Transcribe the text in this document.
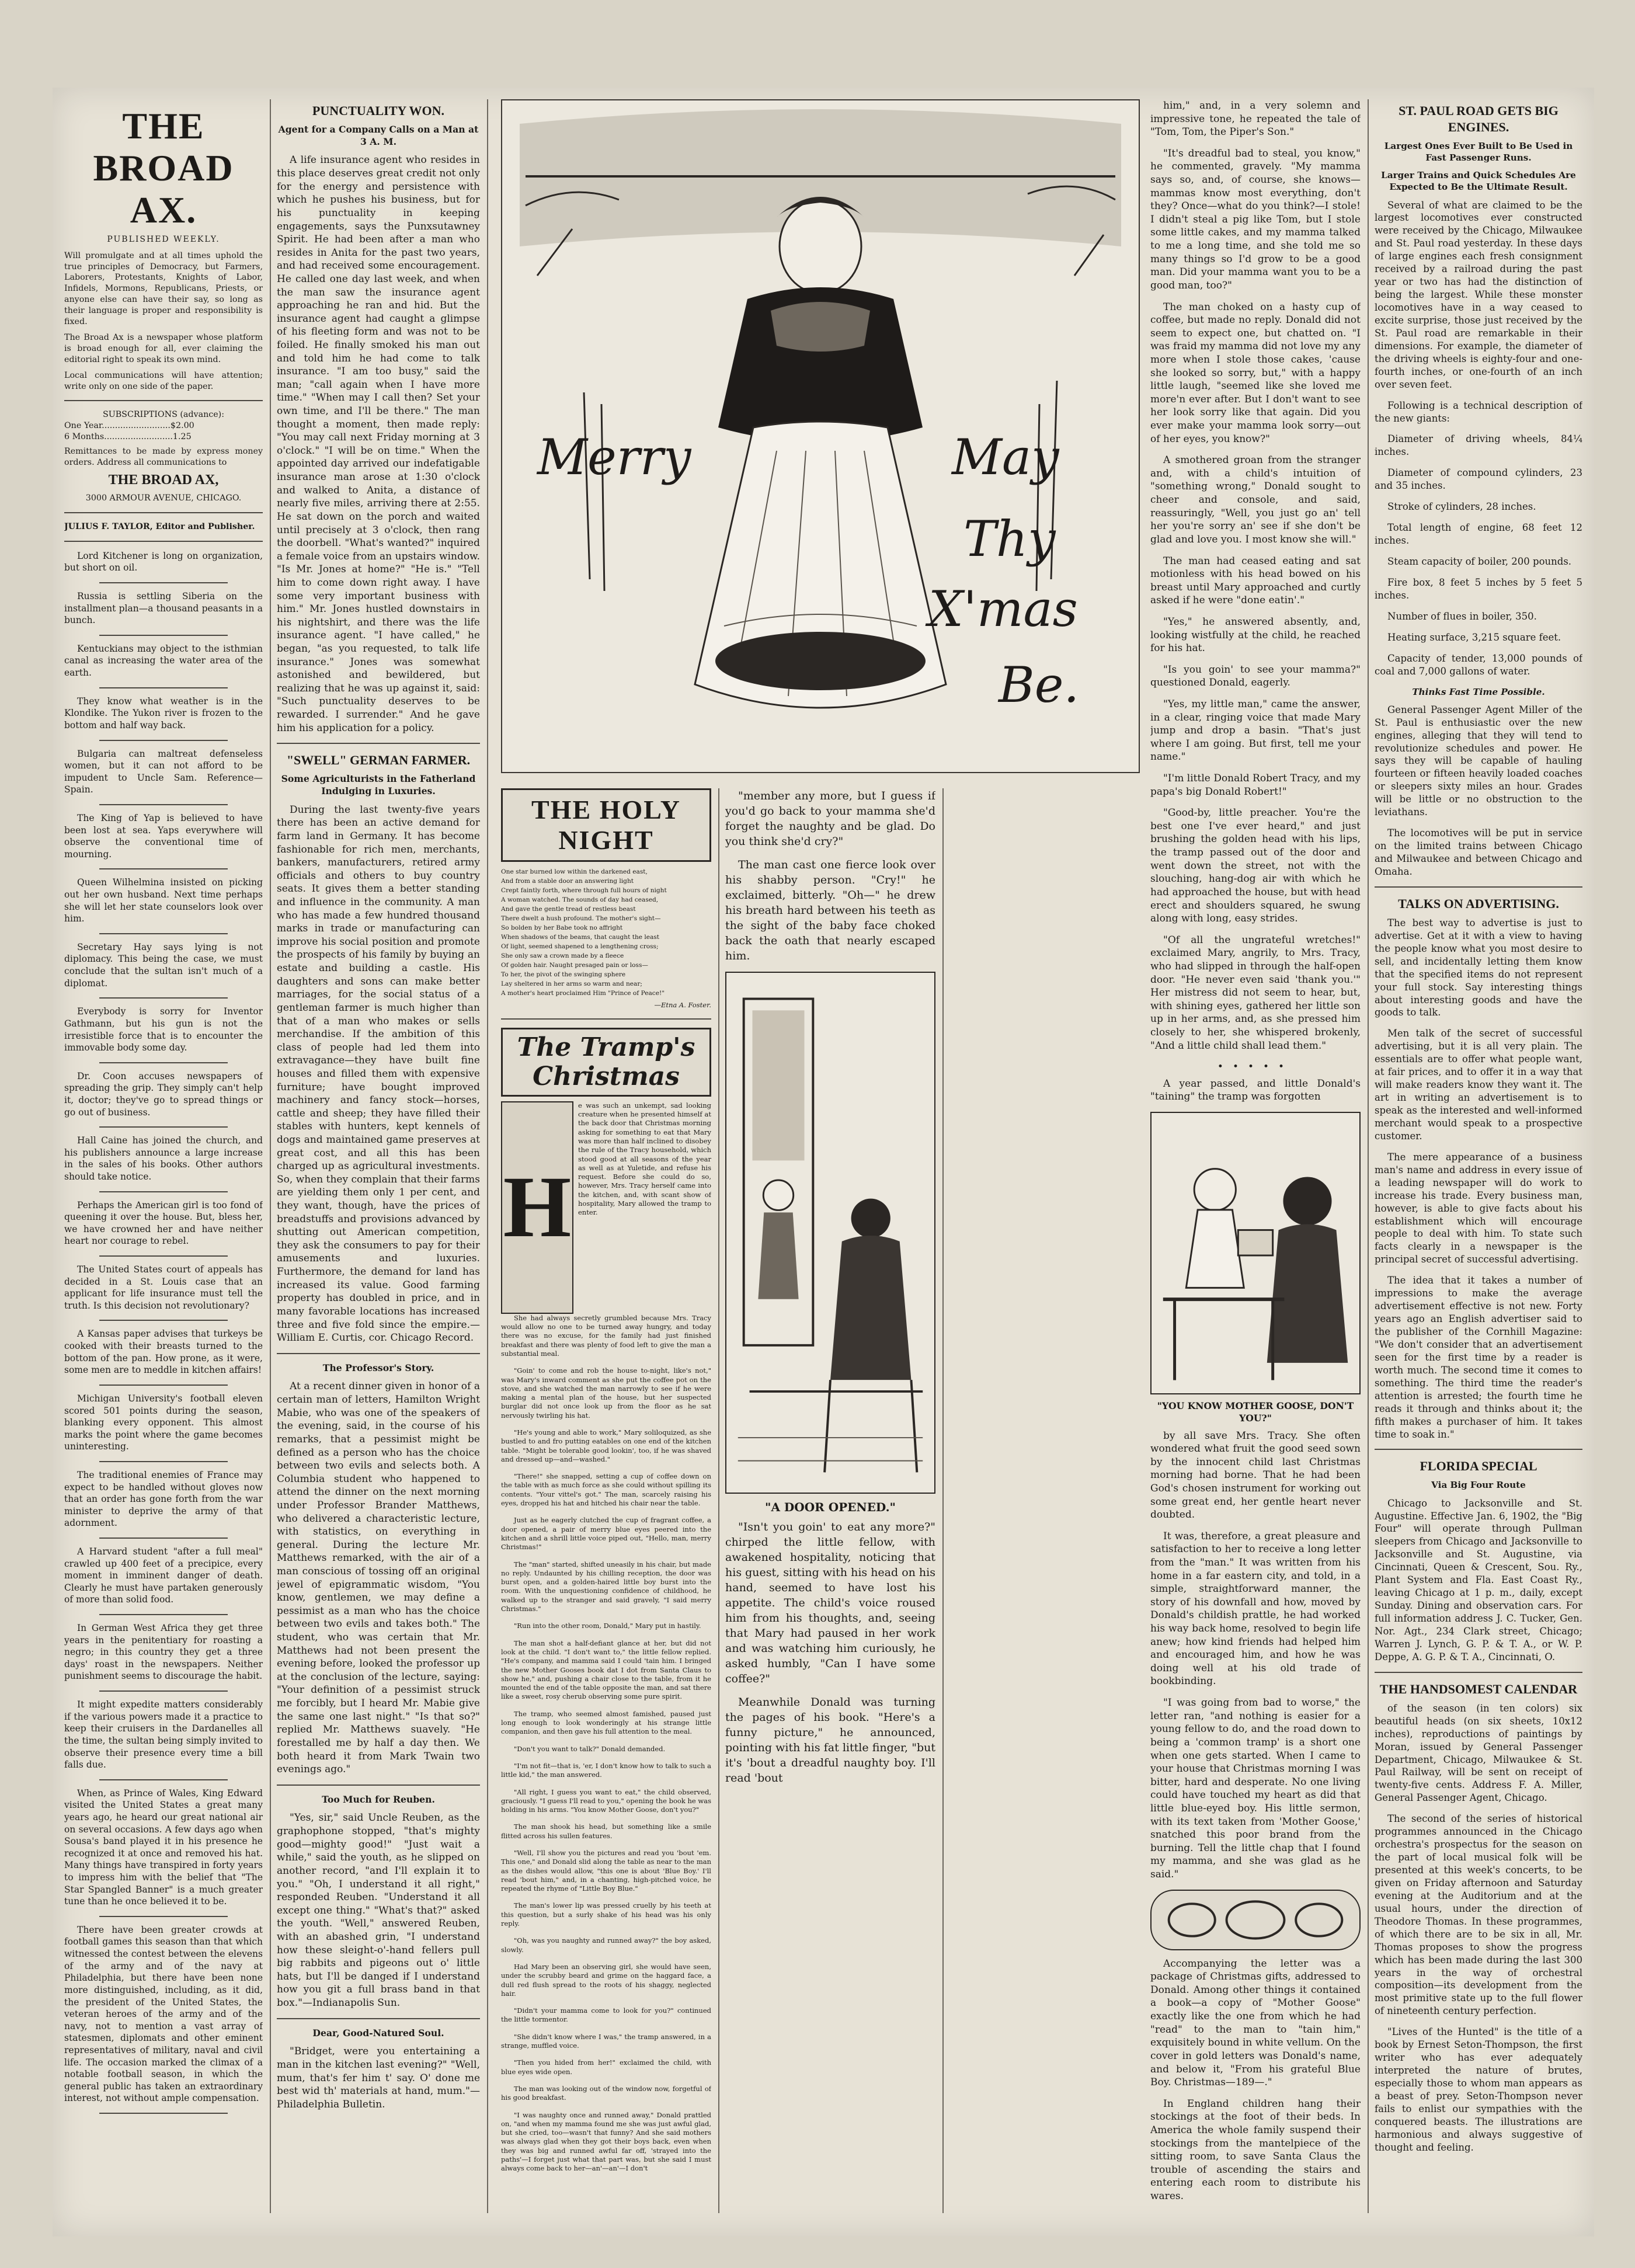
THE BROAD AX.
PUBLISHED WEEKLY.
Will promulgate and at all times uphold the true principles of Democracy, but Farmers, Laborers, Protestants, Knights of Labor, Infidels, Mormons, Republicans, Priests, or anyone else can have their say, so long as their language is proper and responsibility is fixed.
The Broad Ax is a newspaper whose platform is broad enough for all, ever claiming the editorial right to speak its own mind.
Local communications will have attention; write only on one side of the paper.
SUBSCRIPTIONS (advance):
One Year..........................$2.00
6 Months..........................1.25
Remittances to be made by express money orders. Address all communications to
THE BROAD AX,
3000 ARMOUR AVENUE, CHICAGO.
JULIUS F. TAYLOR, Editor and Publisher.

Lord Kitchener is long on organization, but short on oil.

Russia is settling Siberia on the installment plan—a thousand peasants in a bunch.

Kentuckians may object to the isthmian canal as increasing the water area of the earth.

They know what weather is in the Klondike. The Yukon river is frozen to the bottom and half way back.

Bulgaria can maltreat defenseless women, but it can not afford to be impudent to Uncle Sam. Reference—Spain.

The King of Yap is believed to have been lost at sea. Yaps everywhere will observe the conventional time of mourning.

Queen Wilhelmina insisted on picking out her own husband. Next time perhaps she will let her state counselors look over him.

Secretary Hay says lying is not diplomacy. This being the case, we must conclude that the sultan isn't much of a diplomat.

Everybody is sorry for Inventor Gathmann, but his gun is not the irresistible force that is to encounter the immovable body some day.

Dr. Coon accuses newspapers of spreading the grip. They simply can't help it, doctor; they've go to spread things or go out of business.

Hall Caine has joined the church, and his publishers announce a large increase in the sales of his books. Other authors should take notice.

Perhaps the American girl is too fond of queening it over the house. But, bless her, we have crowned her and have neither heart nor courage to rebel.

The United States court of appeals has decided in a St. Louis case that an applicant for life insurance must tell the truth. Is this decision not revolutionary?

A Kansas paper advises that turkeys be cooked with their breasts turned to the bottom of the pan. How prone, as it were, some men are to meddle in kitchen affairs!

Michigan University's football eleven scored 501 points during the season, blanking every opponent. This almost marks the point where the game becomes uninteresting.

The traditional enemies of France may expect to be handled without gloves now that an order has gone forth from the war minister to deprive the army of that adornment.

A Harvard student "after a full meal" crawled up 400 feet of a precipice, every moment in imminent danger of death. Clearly he must have partaken generously of more than solid food.

In German West Africa they get three years in the penitentiary for roasting a negro; in this country they get a three days' roast in the newspapers. Neither punishment seems to discourage the habit.

It might expedite matters considerably if the various powers made it a practice to keep their cruisers in the Dardanelles all the time, the sultan being simply invited to observe their presence every time a bill falls due.

When, as Prince of Wales, King Edward visited the United States a great many years ago, he heard our great national air on several occasions. A few days ago when Sousa's band played it in his presence he recognized it at once and removed his hat. Many things have transpired in forty years to impress him with the belief that "The Star Spangled Banner" is a much greater tune than he once believed it to be.

There have been greater crowds at football games this season than that which witnessed the contest between the elevens of the army and of the navy at Philadelphia, but there have been none more distinguished, including, as it did, the president of the United States, the veteran heroes of the army and of the navy, not to mention a vast array of statesmen, diplomats and other eminent representatives of military, naval and civil life. The occasion marked the climax of a notable football season, in which the general public has taken an extraordinary interest, not without ample compensation.

PUNCTUALITY WON.
Agent for a Company Calls on a Man at 3 A. M.

A life insurance agent who resides in this place deserves great credit not only for the energy and persistence with which he pushes his business, but for his punctuality in keeping engagements, says the Punxsutawney Spirit. He had been after a man who resides in Anita for the past two years, and had received some encouragement. He called one day last week, and when the man saw the insurance agent approaching he ran and hid. But the insurance agent had caught a glimpse of his fleeting form and was not to be foiled. He finally smoked his man out and told him he had come to talk insurance. "I am too busy," said the man; "call again when I have more time." "When may I call then? Set your own time, and I'll be there." The man thought a moment, then made reply: "You may call next Friday morning at 3 o'clock." "I will be on time." When the appointed day arrived our indefatigable insurance man arose at 1:30 o'clock and walked to Anita, a distance of nearly five miles, arriving there at 2:55. He sat down on the porch and waited until precisely at 3 o'clock, then rang the doorbell. "What's wanted?" inquired a female voice from an upstairs window. "Is Mr. Jones at home?" "He is." "Tell him to come down right away. I have some very important business with him." Mr. Jones hustled downstairs in his nightshirt, and there was the life insurance agent. "I have called," he began, "as you requested, to talk life insurance." Jones was somewhat astonished and bewildered, but realizing that he was up against it, said: "Such punctuality deserves to be rewarded. I surrender." And he gave him his application for a policy.

"SWELL" GERMAN FARMER.
Some Agriculturists in the Fatherland Indulging in Luxuries.

During the last twenty-five years there has been an active demand for farm land in Germany. It has become fashionable for rich men, merchants, bankers, manufacturers, retired army officials and others to buy country seats. It gives them a better standing and influence in the community. A man who has made a few hundred thousand marks in trade or manufacturing can improve his social position and promote the prospects of his family by buying an estate and building a castle. His daughters and sons can make better marriages, for the social status of a gentleman farmer is much higher than that of a man who makes or sells merchandise. If the ambition of this class of people had led them into extravagance—they have built fine houses and filled them with expensive furniture; have bought improved machinery and fancy stock—horses, cattle and sheep; they have filled their stables with hunters, kept kennels of dogs and maintained game preserves at great cost, and all this has been charged up as agricultural investments. So, when they complain that their farms are yielding them only 1 per cent, and they want, though, have the prices of breadstuffs and provisions advanced by shutting out American competition, they ask the consumers to pay for their amusements and luxuries. Furthermore, the demand for land has increased its value. Good farming property has doubled in price, and in many favorable locations has increased three and five fold since the empire.—William E. Curtis, cor. Chicago Record.

The Professor's Story.

At a recent dinner given in honor of a certain man of letters, Hamilton Wright Mabie, who was one of the speakers of the evening, said, in the course of his remarks, that a pessimist might be defined as a person who has the choice between two evils and selects both. A Columbia student who happened to attend the dinner on the next morning under Professor Brander Matthews, who delivered a characteristic lecture, with statistics, on everything in general. During the lecture Mr. Matthews remarked, with the air of a man conscious of tossing off an original jewel of epigrammatic wisdom, "You know, gentlemen, we may define a pessimist as a man who has the choice between two evils and takes both." The student, who was certain that Mr. Matthews had not been present the evening before, looked the professor up at the conclusion of the lecture, saying: "Your definition of a pessimist struck me forcibly, but I heard Mr. Mabie give the same one last night." "Is that so?" replied Mr. Matthews suavely. "He forestalled me by half a day then. We both heard it from Mark Twain two evenings ago."

Too Much for Reuben.

"Yes, sir," said Uncle Reuben, as the graphophone stopped, "that's mighty good—mighty good!" "Just wait a while," said the youth, as he slipped on another record, "and I'll explain it to you." "Oh, I understand it all right," responded Reuben. "Understand it all except one thing." "What's that?" asked the youth. "Well," answered Reuben, with an abashed grin, "I understand how these sleight-o'-hand fellers pull big rabbits and pigeons out o' little hats, but I'll be danged if I understand how you git a full brass band in that box."—Indianapolis Sun.

Dear, Good-Natured Soul.

"Bridget, were you entertaining a man in the kitchen last evening?" "Well, mum, that's fer him t' say. O' done me best wid th' materials at hand, mum."—Philadelphia Bulletin.

Merry	May
Thy
X'mas
Be.
THE HOLY NIGHT
One star burned low within the darkened east,
And from a stable door an answering light
Crept faintly forth, where through full hours of night
A woman watched. The sounds of day had ceased,
And gave the gentle tread of restless beast
There dwelt a hush profound. The mother's sight—
So bolden by her Babe took no affright
When shadows of the beams, that caught the least
Of light, seemed shapened to a lengthening cross;
She only saw a crown made by a fleece
Of golden hair. Naught presaged pain or loss—
To her, the pivot of the swinging sphere
Lay sheltered in her arms so warm and near;
A mother's heart proclaimed Him "Prince of Peace!"
—Etna A. Foster.
The Tramp's Christmas
H

e was such an unkempt, sad looking creature when he presented himself at the back door that Christmas morning asking for something to eat that Mary was more than half inclined to disobey the rule of the Tracy household, which stood good at all seasons of the year as well as at Yuletide, and refuse his request. Before she could do so, however, Mrs. Tracy herself came into the kitchen, and, with scant show of hospitality, Mary allowed the tramp to enter.

She had always secretly grumbled because Mrs. Tracy would allow no one to be turned away hungry, and today there was no excuse, for the family had just finished breakfast and there was plenty of food left to give the man a substantial meal.

"Goin' to come and rob the house to-night, like's not," was Mary's inward comment as she put the coffee pot on the stove, and she watched the man narrowly to see if he were making a mental plan of the house, but her suspected burglar did not once look up from the floor as he sat nervously twirling his hat.

"He's young and able to work," Mary soliloquized, as she bustled to and fro putting eatables on one end of the kitchen table. "Might be tolerable good lookin', too, if he was shaved and dressed up—and—washed."

"There!" she snapped, setting a cup of coffee down on the table with as much force as she could without spilling its contents. "Your vittel's got." The man, scarcely raising his eyes, dropped his hat and hitched his chair near the table.

Just as he eagerly clutched the cup of fragrant coffee, a door opened, a pair of merry blue eyes peered into the kitchen and a shrill little voice piped out, "Hello, man, merry Christmas!"

The "man" started, shifted uneasily in his chair, but made no reply. Undaunted by his chilling reception, the door was burst open, and a golden-haired little boy burst into the room. With the unquestioning confidence of childhood, he walked up to the stranger and said gravely, "I said merry Christmas."

"Run into the other room, Donald," Mary put in hastily.

The man shot a half-defiant glance at her, but did not look at the child. "I don't want to," the little fellow replied. "He's company, and mamma said I could 'tain him. I bringed the new Mother Gooses book dat I dot from Santa Claus to show he," and, pushing a chair close to the table, from it he mounted the end of the table opposite the man, and sat there like a sweet, rosy cherub observing some pure spirit.

The tramp, who seemed almost famished, paused just long enough to look wonderingly at his strange little companion, and then gave his full attention to the meal.

"Don't you want to talk?" Donald demanded.

"I'm not fit—that is, 'er, I don't know how to talk to such a little kid," the man answered.

"All right, I guess you want to eat," the child observed, graciously. "I guess I'll read to you," opening the book he was holding in his arms. "You know Mother Goose, don't you?"

The man shook his head, but something like a smile flitted across his sullen features.

"Well, I'll show you the pictures and read you 'bout 'em. This one," and Donald slid along the table as near to the man as the dishes would allow, "this one is about 'Blue Boy.' I'll read 'bout him," and, in a chanting, high-pitched voice, he repeated the rhyme of "Little Boy Blue."

The man's lower lip was pressed cruelly by his teeth at this question, but a surly shake of his head was his only reply.

"Oh, was you naughty and runned away?" the boy asked, slowly.

Had Mary been an observing girl, she would have seen, under the scrubby beard and grime on the haggard face, a dull red flush spread to the roots of his shaggy, neglected hair.

"Didn't your mamma come to look for you?" continued the little tormentor.

"She didn't know where I was," the tramp answered, in a strange, muffled voice.

"Then you hided from her!" exclaimed the child, with blue eyes wide open.

The man was looking out of the window now, forgetful of his good breakfast.

"I was naughty once and runned away," Donald prattled on, "and when my mamma found me she was just awful glad, but she cried, too—wasn't that funny? And she said mothers was always glad when they got their boys back, even when they was big and runned awful far off, 'strayed into the paths'—I forget just what that part was, but she said I must always come back to her—an'—an'—I don't

"member any more, but I guess if you'd go back to your mamma she'd forget the naughty and be glad. Do you think she'd cry?"

The man cast one fierce look over his shabby person. "Cry!" he exclaimed, bitterly. "Oh—" he drew his breath hard between his teeth as the sight of the baby face choked back the oath that nearly escaped him.

"A DOOR OPENED."

"Isn't you goin' to eat any more?" chirped the little fellow, with awakened hospitality, noticing that his guest, sitting with his head on his hand, seemed to have lost his appetite. The child's voice roused him from his thoughts, and, seeing that Mary had paused in her work and was watching him curiously, he asked humbly, "Can I have some coffee?"

Meanwhile Donald was turning the pages of his book. "Here's a funny picture," he announced, pointing with his fat little finger, "but it's 'bout a dreadful naughty boy. I'll read 'bout

him," and, in a very solemn and impressive tone, he repeated the tale of "Tom, Tom, the Piper's Son."

"It's dreadful bad to steal, you know," he commented, gravely. "My mamma says so, and, of course, she knows—mammas know most everything, don't they? Once—what do you think?—I stole! I didn't steal a pig like Tom, but I stole some little cakes, and my mamma talked to me a long time, and she told me so many things so I'd grow to be a good man. Did your mamma want you to be a good man, too?"

The man choked on a hasty cup of coffee, but made no reply. Donald did not seem to expect one, but chatted on. "I was fraid my mamma did not love my any more when I stole those cakes, 'cause she looked so sorry, but," with a happy little laugh, "seemed like she loved me more'n ever after. But I don't want to see her look sorry like that again. Did you ever make your mamma look sorry—out of her eyes, you know?"

A smothered groan from the stranger and, with a child's intuition of "something wrong," Donald sought to cheer and console, and said, reassuringly, "Well, you just go an' tell her you're sorry an' see if she don't be glad and love you. I most know she will."

The man had ceased eating and sat motionless with his head bowed on his breast until Mary approached and curtly asked if he were "done eatin'."

"Yes," he answered absently, and, looking wistfully at the child, he reached for his hat.

"Is you goin' to see your mamma?" questioned Donald, eagerly.

"Yes, my little man," came the answer, in a clear, ringing voice that made Mary jump and drop a basin. "That's just where I am going. But first, tell me your name."

"I'm little Donald Robert Tracy, and my papa's big Donald Robert!"

"Good-by, little preacher. You're the best one I've ever heard," and just brushing the golden head with his lips, the tramp passed out of the door and went down the street, not with the slouching, hang-dog air with which he had approached the house, but with head erect and shoulders squared, he swung along with long, easy strides.

"Of all the ungrateful wretches!" exclaimed Mary, angrily, to Mrs. Tracy, who had slipped in through the half-open door. "He never even said 'thank you.'" Her mistress did not seem to hear, but, with shining eyes, gathered her little son up in her arms, and, as she pressed him closely to her, she whispered brokenly, "And a little child shall lead them."

•••••

A year passed, and little Donald's "taining" the tramp was forgotten

"YOU KNOW MOTHER GOOSE, DON'T YOU?"

by all save Mrs. Tracy. She often wondered what fruit the good seed sown by the innocent child last Christmas morning had borne. That he had been God's chosen instrument for working out some great end, her gentle heart never doubted.

It was, therefore, a great pleasure and satisfaction to her to receive a long letter from the "man." It was written from his home in a far eastern city, and told, in a simple, straightforward manner, the story of his downfall and how, moved by Donald's childish prattle, he had worked his way back home, resolved to begin life anew; how kind friends had helped him and encouraged him, and how he was doing well at his old trade of bookbinding.

"I was going from bad to worse," the letter ran, "and nothing is easier for a young fellow to do, and the road down to being a 'common tramp' is a short one when one gets started. When I came to your house that Christmas morning I was bitter, hard and desperate. No one living could have touched my heart as did that little blue-eyed boy. His little sermon, with its text taken from 'Mother Goose,' snatched this poor brand from the burning. Tell the little chap that I found my mamma, and she was glad as he said."

Accompanying the letter was a package of Christmas gifts, addressed to Donald. Among other things it contained a book—a copy of "Mother Goose" exactly like the one from which he had "read" to the man to "tain him," exquisitely bound in white vellum. On the cover in gold letters was Donald's name, and below it, "From his grateful Blue Boy. Christmas—189—."

In England children hang their stockings at the foot of their beds. In America the whole family suspend their stockings from the mantelpiece of the sitting room, to save Santa Claus the trouble of ascending the stairs and entering each room to distribute his wares.

ST. PAUL ROAD GETS BIG ENGINES.
Largest Ones Ever Built to Be Used in Fast Passenger Runs.
Larger Trains and Quick Schedules Are Expected to Be the Ultimate Result.

Several of what are claimed to be the largest locomotives ever constructed were received by the Chicago, Milwaukee and St. Paul road yesterday. In these days of large engines each fresh consignment received by a railroad during the past year or two has had the distinction of being the largest. While these monster locomotives have in a way ceased to excite surprise, those just received by the St. Paul road are remarkable in their dimensions. For example, the diameter of the driving wheels is eighty-four and one-fourth inches, or one-fourth of an inch over seven feet.

Following is a technical description of the new giants:

Diameter of driving wheels, 84¼ inches.

Diameter of compound cylinders, 23 and 35 inches.

Stroke of cylinders, 28 inches.

Total length of engine, 68 feet 12 inches.

Steam capacity of boiler, 200 pounds.

Fire box, 8 feet 5 inches by 5 feet 5 inches.

Number of flues in boiler, 350.

Heating surface, 3,215 square feet.

Capacity of tender, 13,000 pounds of coal and 7,000 gallons of water.

Thinks Fast Time Possible.

General Passenger Agent Miller of the St. Paul is enthusiastic over the new engines, alleging that they will tend to revolutionize schedules and power. He says they will be capable of hauling fourteen or fifteen heavily loaded coaches or sleepers sixty miles an hour. Grades will be little or no obstruction to the leviathans.

The locomotives will be put in service on the limited trains between Chicago and Milwaukee and between Chicago and Omaha.

TALKS ON ADVERTISING.

The best way to advertise is just to advertise. Get at it with a view to having the people know what you most desire to sell, and incidentally letting them know that the specified items do not represent your full stock. Say interesting things about interesting goods and have the goods to talk.

Men talk of the secret of successful advertising, but it is all very plain. The essentials are to offer what people want, at fair prices, and to offer it in a way that will make readers know they want it. The art in writing an advertisement is to speak as the interested and well-informed merchant would speak to a prospective customer.

The mere appearance of a business man's name and address in every issue of a leading newspaper will do work to increase his trade. Every business man, however, is able to give facts about his establishment which will encourage people to deal with him. To state such facts clearly in a newspaper is the principal secret of successful advertising.

The idea that it takes a number of impressions to make the average advertisement effective is not new. Forty years ago an English advertiser said to the publisher of the Cornhill Magazine: "We don't consider that an advertisement seen for the first time by a reader is worth much. The second time it comes to something. The third time the reader's attention is arrested; the fourth time he reads it through and thinks about it; the fifth makes a purchaser of him. It takes time to soak in."

FLORIDA SPECIAL
Via Big Four Route

Chicago to Jacksonville and St. Augustine. Effective Jan. 6, 1902, the "Big Four" will operate through Pullman sleepers from Chicago and Jacksonville to Jacksonville and St. Augustine, via Cincinnati, Queen & Crescent, Sou. Ry., Plant System and Fla. East Coast Ry., leaving Chicago at 1 p. m., daily, except Sunday. Dining and observation cars. For full information address J. C. Tucker, Gen. Nor. Agt., 234 Clark street, Chicago; Warren J. Lynch, G. P. & T. A., or W. P. Deppe, A. G. P. & T. A., Cincinnati, O.

THE HANDSOMEST CALENDAR

of the season (in ten colors) six beautiful heads (on six sheets, 10x12 inches), reproductions of paintings by Moran, issued by General Passenger Department, Chicago, Milwaukee & St. Paul Railway, will be sent on receipt of twenty-five cents. Address F. A. Miller, General Passenger Agent, Chicago.

The second of the series of historical programmes announced in the Chicago orchestra's prospectus for the season on the part of local musical folk will be presented at this week's concerts, to be given on Friday afternoon and Saturday evening at the Auditorium and at the usual hours, under the direction of Theodore Thomas. In these programmes, of which there are to be six in all, Mr. Thomas proposes to show the progress which has been made during the last 300 years in the way of orchestral composition—its development from the most primitive state up to the full flower of nineteenth century perfection.

"Lives of the Hunted" is the title of a book by Ernest Seton-Thompson, the first writer who has ever adequately interpreted the nature of brutes, especially those to whom man appears as a beast of prey. Seton-Thompson never fails to enlist our sympathies with the conquered beasts. The illustrations are harmonious and always suggestive of thought and feeling.
